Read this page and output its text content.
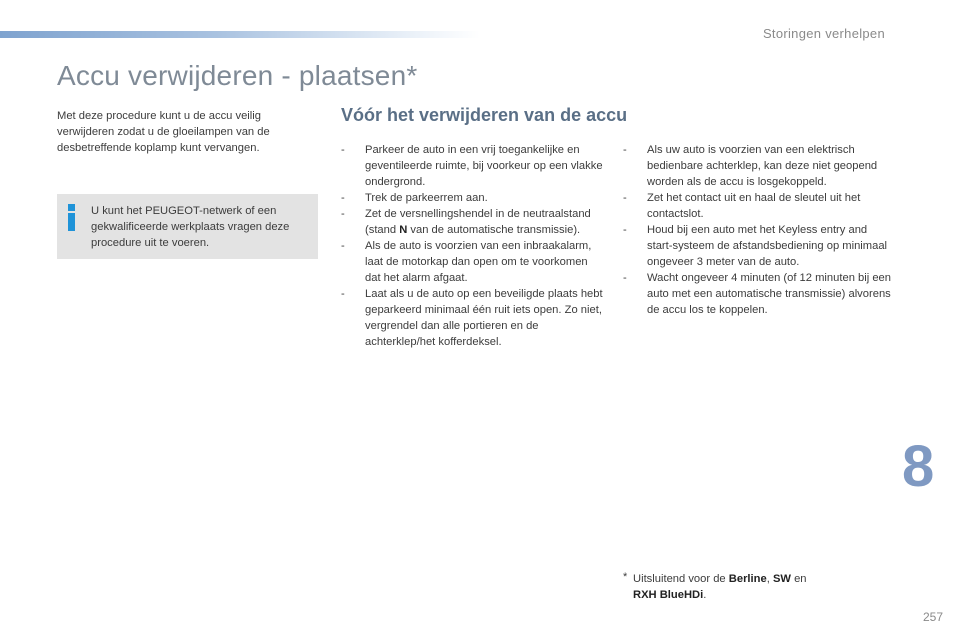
Storingen verhelpen
Accu verwijderen - plaatsen*

Met deze procedure kunt u de accu veilig verwijderen zodat u de gloeilampen van de desbetreffende koplamp kunt vervangen.

U kunt het PEUGEOT-netwerk of een gekwalificeerde werkplaats vragen deze procedure uit te voeren.

Vóór het verwijderen van de accu
- Parkeer de auto in een vrij toegankelijke en geventileerde ruimte, bij voorkeur op een vlakke ondergrond.
- Trek de parkeerrem aan.
- Zet de versnellingshendel in de neutraalstand (stand N van de automatische transmissie).
- Als de auto is voorzien van een inbraakalarm, laat de motorkap dan open om te voorkomen dat het alarm afgaat.
- Laat als u de auto op een beveiligde plaats hebt geparkeerd minimaal één ruit iets open. Zo niet, vergrendel dan alle portieren en de achterklep/het kofferdeksel.
- Als uw auto is voorzien van een elektrisch bedienbare achterklep, kan deze niet geopend worden als de accu is losgekoppeld.
- Zet het contact uit en haal de sleutel uit het contactslot.
- Houd bij een auto met het Keyless entry and start-systeem de afstandsbediening op minimaal ongeveer 3 meter van de auto.
- Wacht ongeveer 4 minuten (of 12 minuten bij een auto met een automatische transmissie) alvorens de accu los te koppelen.
* Uitsluitend voor de Berline, SW en
RXH BlueHDi.
8
257
